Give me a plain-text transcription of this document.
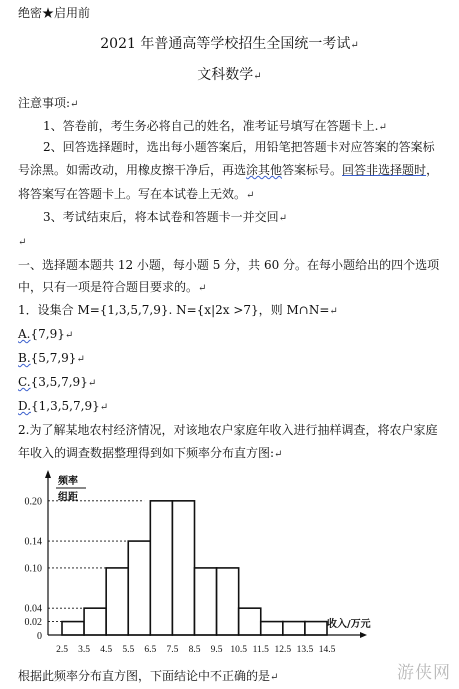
绝密★启用前
2021 年普通高等学校招生全国统一考试↵
文科数学↵
注意事项:↵
1、答卷前，考生务必将自己的姓名，准考证号填写在答题卡上.↵
2、回答选择题时，选出每小题答案后，用铅笔把答题卡对应答案的答案标
号涂黑。如需改动，用橡皮擦干净后，再选涂其他答案标号。回答非选择题时，
将答案写在答题卡上。写在本试卷上无效。↵
3、考试结束后，将本试卷和答题卡一并交回↵
↵
一、选择题本题共 12 小题，每小题 5 分，共 60 分。在每小题给出的四个选项
中，只有一项是符合题目要求的。↵
1．设集合 M={1,3,5,7,9}. N={x|2x >7}，则 M∩N=↵
A.{7,9}↵
B.{5,7,9}↵
C.{3,5,7,9}↵
D.{1,3,5,7,9}↵
2.为了解某地农村经济情况，对该地农户家庭年收入进行抽样调查，将农户家庭
年收入的调查数据整理得到如下频率分布直方图:↵
0.02
0.04
0.10
0.14
0.20
0
2.5 3.5 4.5 5.5 6.5 7.5 8.5 9.5 10.5 11.5 12.5 13.5 14.5
频率
组距
收入/万元
根据此频率分布直方图，下面结论中不正确的是↵	游侠网
